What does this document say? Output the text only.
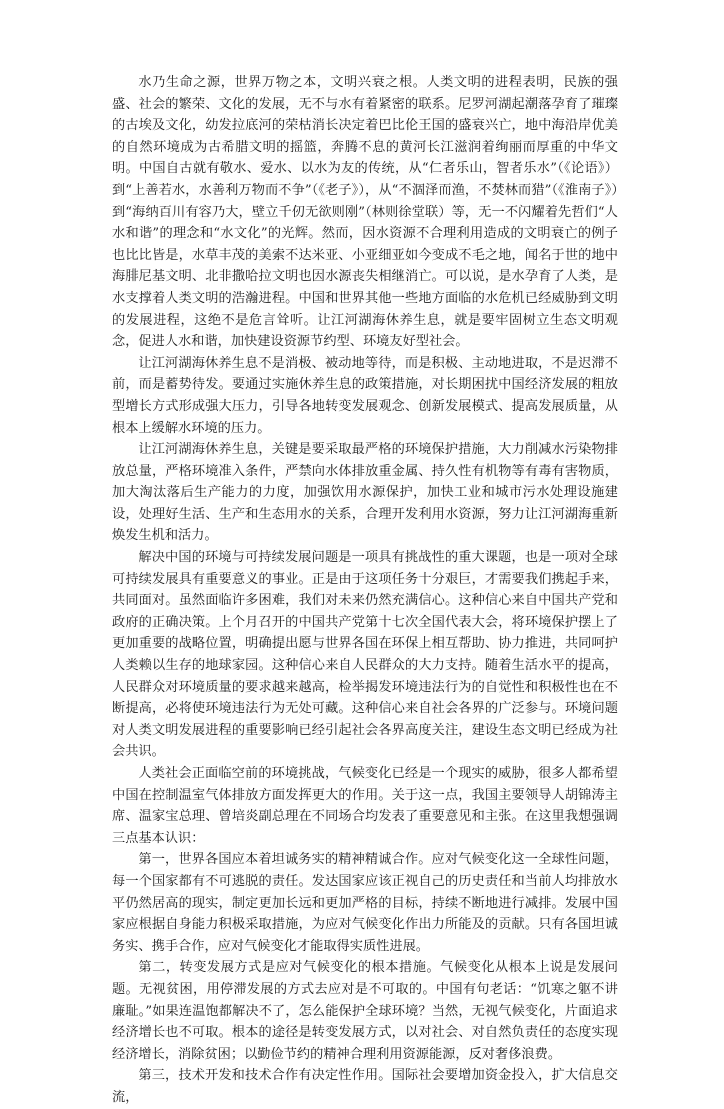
水乃生命之源，世界万物之本，文明兴衰之根。人类文明的进程表明，民族的强盛、社会的繁荣、文化的发展，无不与水有着紧密的联系。尼罗河湖起潮落孕育了璀璨的古埃及文化，幼发拉底河的荣枯消长决定着巴比伦王国的盛衰兴亡，地中海沿岸优美的自然环境成为古希腊文明的摇篮，奔腾不息的黄河长江滋润着绚丽而厚重的中华文明。中国自古就有敬水、爱水、以水为友的传统，从“仁者乐山，智者乐水”（《论语》）到“上善若水，水善利万物而不争”（《老子》），从“不涸泽而渔，不焚林而猎”（《淮南子》）到“海纳百川有容乃大，壁立千仞无欲则刚”（林则徐堂联）等，无一不闪耀着先哲们“人水和谐”的理念和“水文化”的光辉。然而，因水资源不合理利用造成的文明衰亡的例子也比比皆是，水草丰茂的美索不达米亚、小亚细亚如今变成不毛之地，闻名于世的地中海腓尼基文明、北非撒哈拉文明也因水源丧失相继消亡。可以说，是水孕育了人类，是水支撑着人类文明的浩瀚进程。中国和世界其他一些地方面临的水危机已经威胁到文明的发展进程，这绝不是危言耸听。让江河湖海休养生息，就是要牢固树立生态文明观念，促进人水和谐，加快建设资源节约型、环境友好型社会。

让江河湖海休养生息不是消极、被动地等待，而是积极、主动地进取，不是迟滞不前，而是蓄势待发。要通过实施休养生息的政策措施，对长期困扰中国经济发展的粗放型增长方式形成强大压力，引导各地转变发展观念、创新发展模式、提高发展质量，从根本上缓解水环境的压力。

让江河湖海休养生息，关键是要采取最严格的环境保护措施，大力削减水污染物排放总量，严格环境准入条件，严禁向水体排放重金属、持久性有机物等有毒有害物质，加大淘汰落后生产能力的力度，加强饮用水源保护，加快工业和城市污水处理设施建设，处理好生活、生产和生态用水的关系，合理开发利用水资源，努力让江河湖海重新焕发生机和活力。

解决中国的环境与可持续发展问题是一项具有挑战性的重大课题，也是一项对全球可持续发展具有重要意义的事业。正是由于这项任务十分艰巨，才需要我们携起手来，共同面对。虽然面临许多困难，我们对未来仍然充满信心。这种信心来自中国共产党和政府的正确决策。上个月召开的中国共产党第十七次全国代表大会，将环境保护摆上了更加重要的战略位置，明确提出愿与世界各国在环保上相互帮助、协力推进，共同呵护人类赖以生存的地球家园。这种信心来自人民群众的大力支持。随着生活水平的提高，人民群众对环境质量的要求越来越高，检举揭发环境违法行为的自觉性和积极性也在不断提高，必将使环境违法行为无处可藏。这种信心来自社会各界的广泛参与。环境问题对人类文明发展进程的重要影响已经引起社会各界高度关注，建设生态文明已经成为社会共识。

人类社会正面临空前的环境挑战，气候变化已经是一个现实的威胁，很多人都希望中国在控制温室气体排放方面发挥更大的作用。关于这一点，我国主要领导人胡锦涛主席、温家宝总理、曾培炎副总理在不同场合均发表了重要意见和主张。在这里我想强调三点基本认识：

第一，世界各国应本着坦诚务实的精神精诚合作。应对气候变化这一全球性问题，每一个国家都有不可逃脱的责任。发达国家应该正视自己的历史责任和当前人均排放水平仍然居高的现实，制定更加长远和更加严格的目标，持续不断地进行减排。发展中国家应根据自身能力积极采取措施，为应对气候变化作出力所能及的贡献。只有各国坦诚务实、携手合作，应对气候变化才能取得实质性进展。

第二，转变发展方式是应对气候变化的根本措施。气候变化从根本上说是发展问题。无视贫困，用停滞发展的方式去应对是不可取的。中国有句老话：“饥寒之躯不讲廉耻。”如果连温饱都解决不了，怎么能保护全球环境？当然，无视气候变化，片面追求经济增长也不可取。根本的途径是转变发展方式，以对社会、对自然负责任的态度实现经济增长，消除贫困；以勤俭节约的精神合理利用资源能源，反对奢侈浪费。

第三，技术开发和技术合作有决定性作用。国际社会要增加资金投入，扩大信息交流，
